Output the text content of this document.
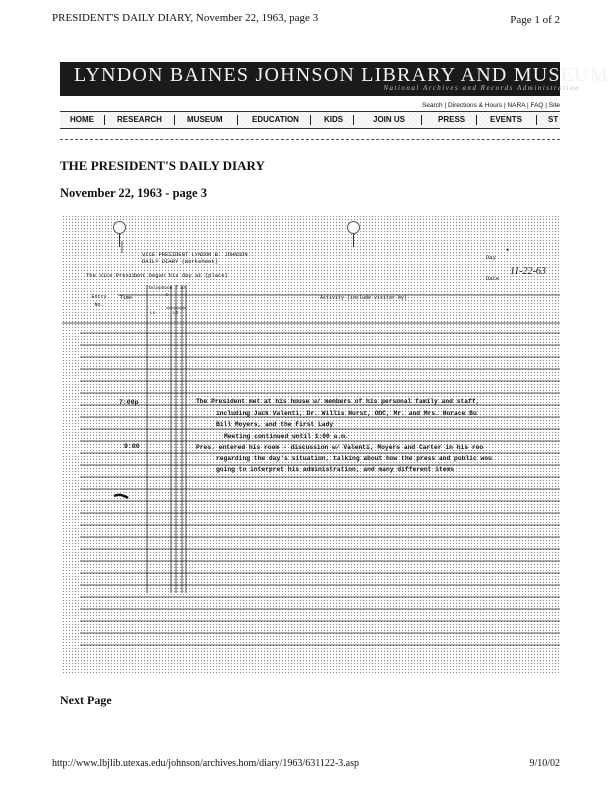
PRESIDENT'S DAILY DIARY, November 22, 1963, page 3	Page 1 of 2
LYNDON BAINES JOHNSON LIBRARY AND MUSEUM
National Archives and Records Administration
Search | Directions & Hours | NARA | FAQ | Site
HOME	RESEARCH	MUSEUM	EDUCATION	KIDS	JOIN US	PRESS	EVENTS	ST
THE PRESIDENT'S DAILY DIARY
November 22, 1963 - page 3
VICE PRESIDENT LYNDON B. JOHNSON
DAILY DIARY (Worksheet)
The Vice President began his day at (place)
Day
•
Date
11-22-63
Entry No.
Time
Telephone f or t
Lo	LD
Activity (include visitor by)
7:00p	The President met at his house w/ members of his personal family and staff,
including Jack Valenti, Dr. Willis Hurst, OOC, Mr. and Mrs. Horace Bu
Bill Moyers, and the First Lady
Meeting continued until 1:00 a.m.
9:00	Pres. entered his room - discussion w/ Valenti, Moyers and Carter in his roo
regarding the day's situation, talking about how the press and public wou
going to interpret his administration, and many different items
Next Page
http://www.lbjlib.utexas.edu/johnson/archives.hom/diary/1963/631122-3.asp	9/10/02
